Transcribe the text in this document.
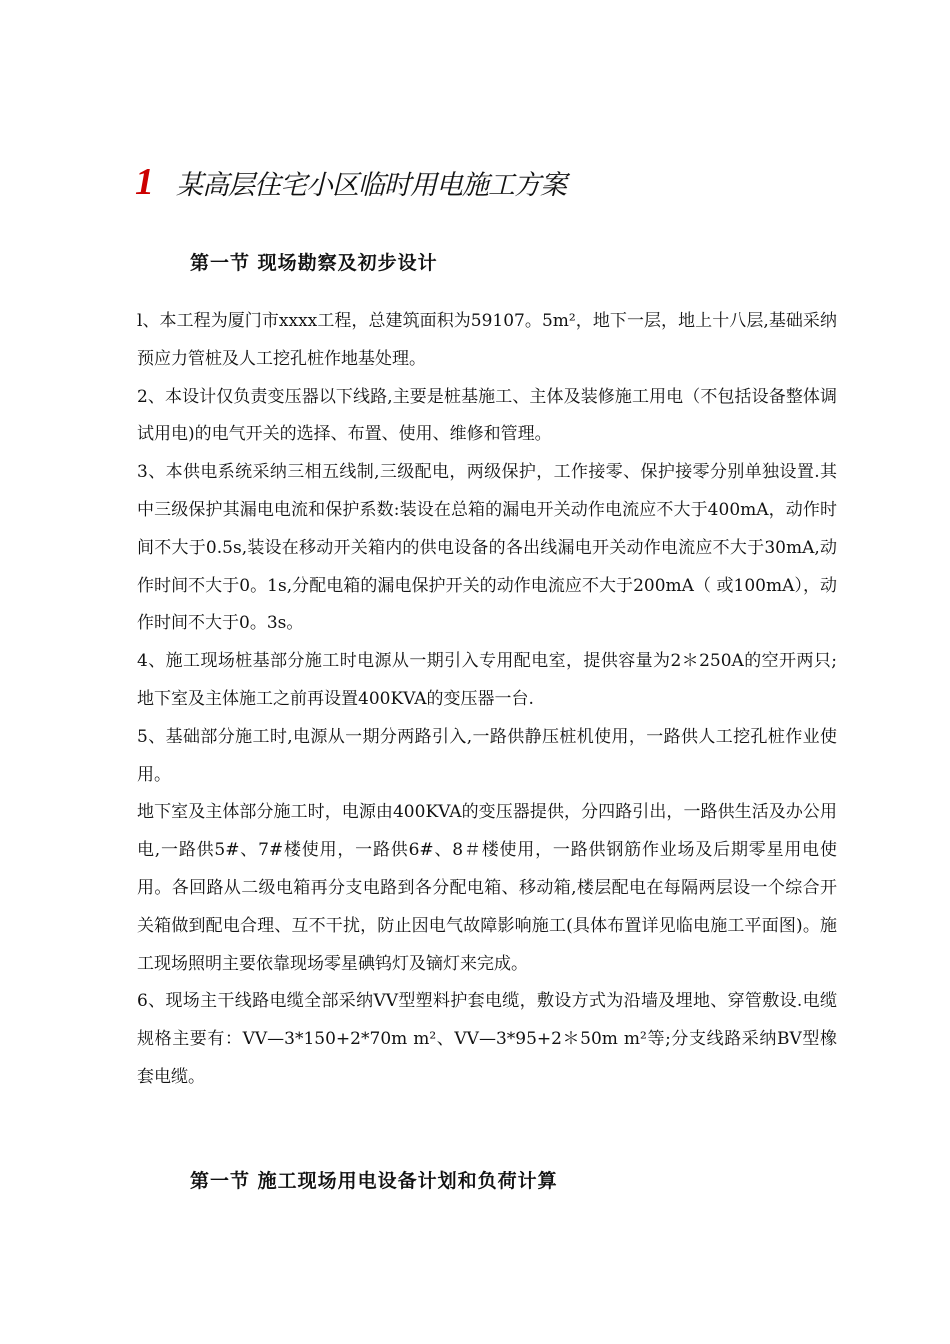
1 某高层住宅小区临时用电施工方案
第一节 现场勘察及初步设计

l、本工程为厦门市xxxx工程，总建筑面积为59107。5m²，地下一层，地上十八层,基础采纳预应力管桩及人工挖孔桩作地基处理。

2、本设计仅负责变压器以下线路,主要是桩基施工、主体及装修施工用电（不包括设备整体调试用电)的电气开关的选择、布置、使用、维修和管理。

3、本供电系统采纳三相五线制,三级配电，两级保护，工作接零、保护接零分别单独设置.其中三级保护其漏电电流和保护系数:装设在总箱的漏电开关动作电流应不大于400mA，动作时间不大于0.5s,装设在移动开关箱内的供电设备的各出线漏电开关动作电流应不大于30mA,动作时间不大于0。1s,分配电箱的漏电保护开关的动作电流应不大于200mA（ 或100mA），动作时间不大于0。3s。

4、施工现场桩基部分施工时电源从一期引入专用配电室，提供容量为2＊250A的空开两只;地下室及主体施工之前再设置400KVA的变压器一台.

5、基础部分施工时,电源从一期分两路引入,一路供静压桩机使用，一路供人工挖孔桩作业使用。

地下室及主体部分施工时，电源由400KVA的变压器提供，分四路引出，一路供生活及办公用电,一路供5#、7#楼使用，一路供6#、8＃楼使用，一路供钢筋作业场及后期零星用电使用。各回路从二级电箱再分支电路到各分配电箱、移动箱,楼层配电在每隔两层设一个综合开关箱做到配电合理、互不干扰，防止因电气故障影响施工(具体布置详见临电施工平面图)。施工现场照明主要依靠现场零星碘钨灯及镝灯来完成。

6、现场主干线路电缆全部采纳VV型塑料护套电缆，敷设方式为沿墙及埋地、穿管敷设.电缆规格主要有：VV—3*150+2*70m m²、VV—3*95+2＊50m m²等;分支线路采纳BV型橡套电缆。

第一节 施工现场用电设备计划和负荷计算
